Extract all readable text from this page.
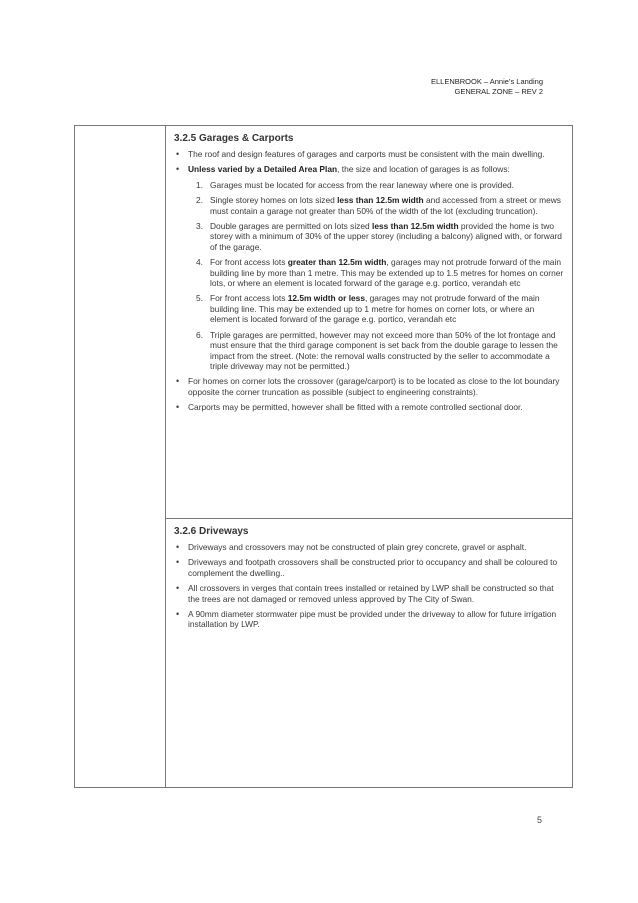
ELLENBROOK – Annie’s Landing
GENERAL ZONE – REV 2
3.2.5 Garages & Carports
• The roof and design features of garages and carports must be consistent with the main dwelling.
• Unless varied by a Detailed Area Plan, the size and location of garages is as follows:
1. Garages must be located for access from the rear laneway where one is provided.
2. Single storey homes on lots sized less than 12.5m width and accessed from a street or mews must contain a garage not greater than 50% of the width of the lot (excluding truncation).
3. Double garages are permitted on lots sized less than 12.5m width provided the home is two storey with a minimum of 30% of the upper storey (including a balcony) aligned with, or forward of the garage.
4. For front access lots greater than 12.5m width, garages may not protrude forward of the main building line by more than 1 metre. This may be extended up to 1.5 metres for homes on corner lots, or where an element is located forward of the garage e.g. portico, verandah etc
5. For front access lots 12.5m width or less, garages may not protrude forward of the main building line. This may be extended up to 1 metre for homes on corner lots, or where an element is located forward of the garage e.g. portico, verandah etc
6. Triple garages are permitted, however may not exceed more than 50% of the lot frontage and must ensure that the third garage component is set back from the double garage to lessen the impact from the street. (Note: the removal walls constructed by the seller to accommodate a triple driveway may not be permitted.)
• For homes on corner lots the crossover (garage/carport) is to be located as close to the lot boundary opposite the corner truncation as possible (subject to engineering constraints).
• Carports may be permitted, however shall be fitted with a remote controlled sectional door.
3.2.6 Driveways
• Driveways and crossovers may not be constructed of plain grey concrete, gravel or asphalt.
• Driveways and footpath crossovers shall be constructed prior to occupancy and shall be coloured to complement the dwelling..
• All crossovers in verges that contain trees installed or retained by LWP shall be constructed so that the trees are not damaged or removed unless approved by The City of Swan.
• A 90mm diameter stormwater pipe must be provided under the driveway to allow for future irrigation installation by LWP.
5
